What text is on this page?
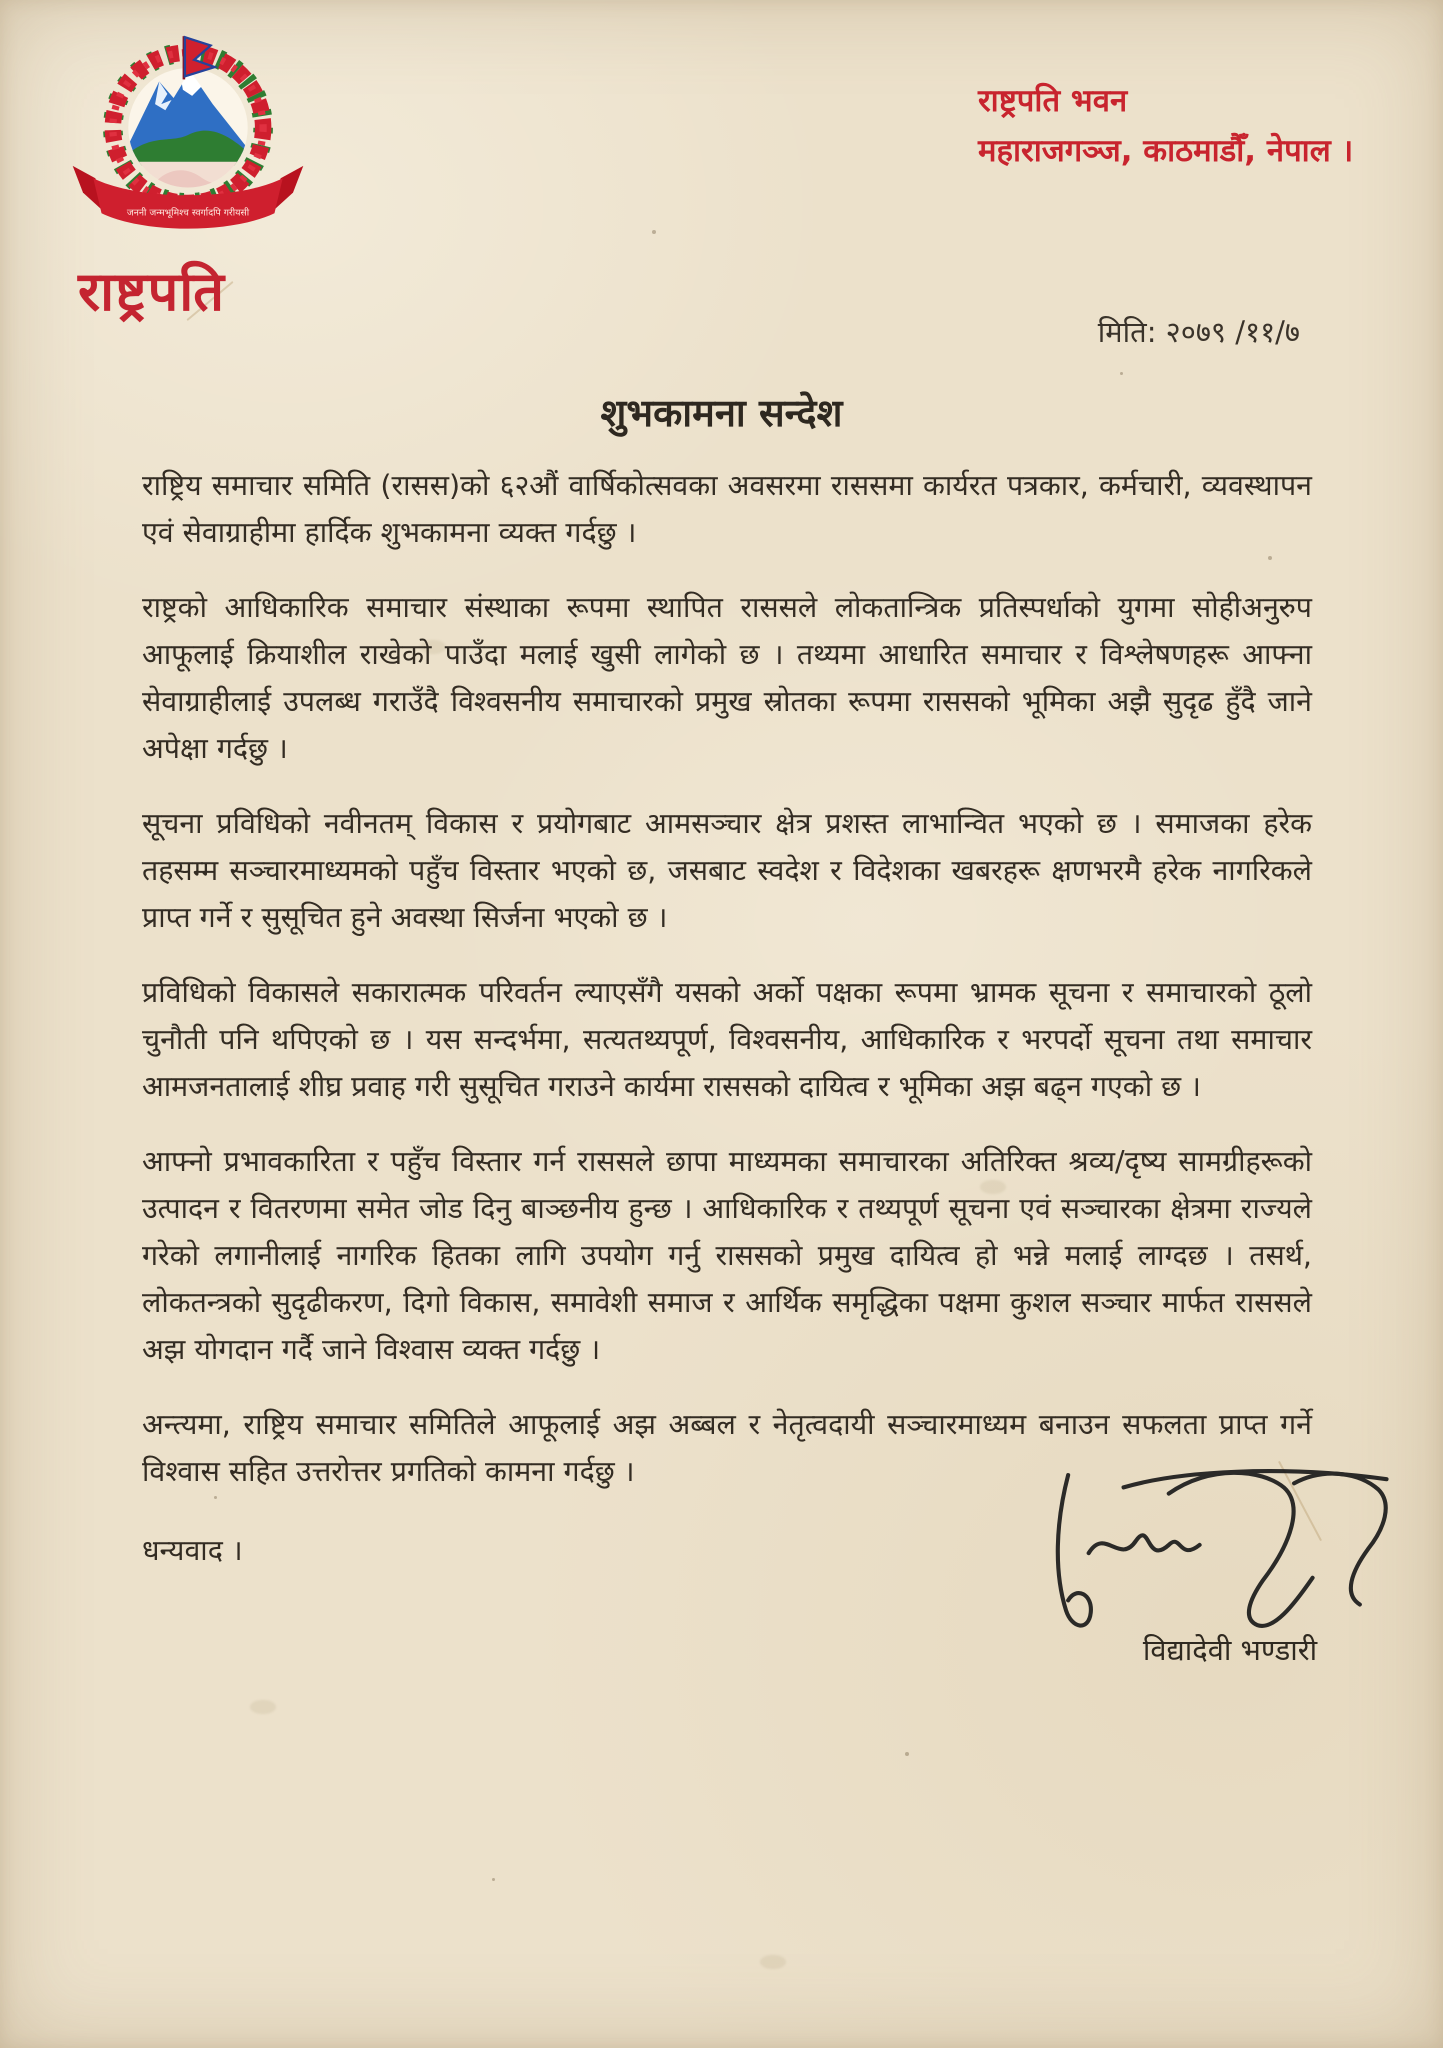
जननी जन्मभूमिश्च स्वर्गादपि गरीयसी
राष्ट्रपति
राष्ट्रपति भवन
महाराजगञ्ज, काठमाडौँ, नेपाल ।
मिति: २०७९ /११/७
शुभकामना सन्देश

राष्ट्रिय समाचार समिति (रासस)को ६२औं वार्षिकोत्सवका अवसरमा राससमा कार्यरत पत्रकार, कर्मचारी, व्यवस्थापन एवं सेवाग्राहीमा हार्दिक शुभकामना व्यक्त गर्दछु ।

राष्ट्रको आधिकारिक समाचार संस्थाका रूपमा स्थापित राससले लोकतान्त्रिक प्रतिस्पर्धाको युगमा सोहीअनुरुप आफूलाई क्रियाशील राखेको पाउँदा मलाई खुसी लागेको छ । तथ्यमा आधारित समाचार र विश्लेषणहरू आफ्ना सेवाग्राहीलाई उपलब्ध गराउँदै विश्वसनीय समाचारको प्रमुख स्रोतका रूपमा राससको भूमिका अझै सुदृढ हुँदै जाने अपेक्षा गर्दछु ।

सूचना प्रविधिको नवीनतम् विकास र प्रयोगबाट आमसञ्चार क्षेत्र प्रशस्त लाभान्वित भएको छ । समाजका हरेक तहसम्म सञ्चारमाध्यमको पहुँच विस्तार भएको छ, जसबाट स्वदेश र विदेशका खबरहरू क्षणभरमै हरेक नागरिकले प्राप्त गर्ने र सुसूचित हुने अवस्था सिर्जना भएको छ ।

प्रविधिको विकासले सकारात्मक परिवर्तन ल्याएसँगै यसको अर्को पक्षका रूपमा भ्रामक सूचना र समाचारको ठूलो चुनौती पनि थपिएको छ । यस सन्दर्भमा, सत्यतथ्यपूर्ण, विश्वसनीय, आधिकारिक र भरपर्दो सूचना तथा समाचार आमजनतालाई शीघ्र प्रवाह गरी सुसूचित गराउने कार्यमा राससको दायित्व र भूमिका अझ बढ्न गएको छ ।

आफ्नो प्रभावकारिता र पहुँच विस्तार गर्न राससले छापा माध्यमका समाचारका अतिरिक्त श्रव्य/दृष्य सामग्रीहरूको उत्पादन र वितरणमा समेत जोड दिनु बाञ्छनीय हुन्छ । आधिकारिक र तथ्यपूर्ण सूचना एवं सञ्चारका क्षेत्रमा राज्यले गरेको लगानीलाई नागरिक हितका लागि उपयोग गर्नु राससको प्रमुख दायित्व हो भन्ने मलाई लाग्दछ । तसर्थ, लोकतन्त्रको सुदृढीकरण, दिगो विकास, समावेशी समाज र आर्थिक समृद्धिका पक्षमा कुशल सञ्चार मार्फत राससले अझ योगदान गर्दै जाने विश्वास व्यक्त गर्दछु ।

अन्त्यमा, राष्ट्रिय समाचार समितिले आफूलाई अझ अब्बल र नेतृत्वदायी सञ्चारमाध्यम बनाउन सफलता प्राप्त गर्ने विश्वास सहित उत्तरोत्तर प्रगतिको कामना गर्दछु ।

धन्यवाद ।

विद्यादेवी भण्डारी
